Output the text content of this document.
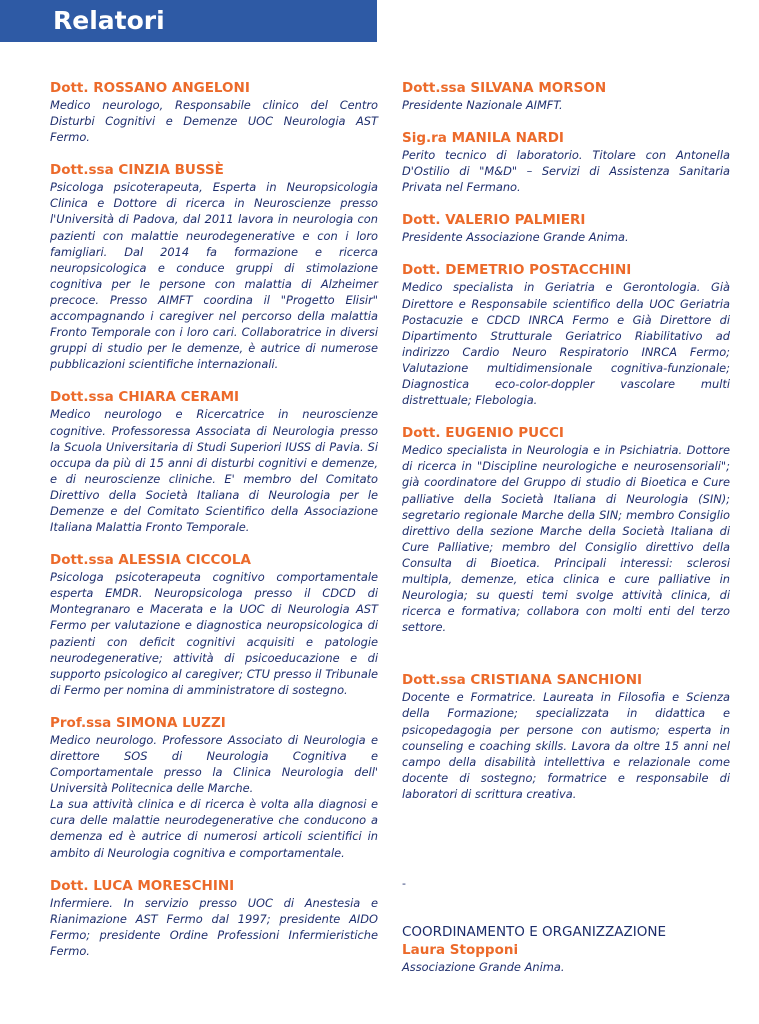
Relatori
Dott. ROSSANO ANGELONI

Medico neurologo, Responsabile clinico del Centro Disturbi Cognitivi e Demenze UOC Neurologia AST Fermo.

Dott.ssa CINZIA BUSSÈ

Psicologa psicoterapeuta, Esperta in Neuropsicologia Clinica e Dottore di ricerca in Neuroscienze presso l'Università di Padova, dal 2011 lavora in neurologia con pazienti con malattie neurodegenerative e con i loro famigliari. Dal 2014 fa formazione e ricerca neuropsicologica e conduce gruppi di stimolazione cognitiva per le persone con malattia di Alzheimer precoce. Presso AIMFT coordina il "Progetto Elisir" accompagnando i caregiver nel percorso della malattia Fronto Temporale con i loro cari. Collaboratrice in diversi gruppi di studio per le demenze, è autrice di numerose pubblicazioni scientifiche internazionali.

Dott.ssa CHIARA CERAMI

Medico neurologo e Ricercatrice in neuroscienze cognitive. Professoressa Associata di Neurologia presso la Scuola Universitaria di Studi Superiori IUSS di Pavia. Si occupa da più di 15 anni di disturbi cognitivi e demenze, e di neuroscienze cliniche. E' membro del Comitato Direttivo della Società Italiana di Neurologia per le Demenze e del Comitato Scientifico della Associazione Italiana Malattia Fronto Temporale.

Dott.ssa ALESSIA CICCOLA

Psicologa psicoterapeuta cognitivo comportamentale esperta EMDR. Neuropsicologa presso il CDCD di Montegranaro e Macerata e la UOC di Neurologia AST Fermo per valutazione e diagnostica neuropsicologica di pazienti con deficit cognitivi acquisiti e patologie neurodegenerative; attività di psicoeducazione e di supporto psicologico al caregiver; CTU presso il Tribunale di Fermo per nomina di amministratore di sostegno.

Prof.ssa SIMONA LUZZI

Medico neurologo. Professore Associato di Neurologia e direttore SOS di Neurologia Cognitiva e Comportamentale presso la Clinica Neurologia dell' Università Politecnica delle Marche.

La sua attività clinica e di ricerca è volta alla diagnosi e cura delle malattie neurodegenerative che conducono a demenza ed è autrice di numerosi articoli scientifici in ambito di Neurologia cognitiva e comportamentale.

Dott. LUCA MORESCHINI

Infermiere. In servizio presso UOC di Anestesia e Rianimazione AST Fermo dal 1997; presidente AIDO Fermo; presidente Ordine Professioni Infermieristiche Fermo.

Dott.ssa SILVANA MORSON

Presidente Nazionale AIMFT.

Sig.ra MANILA NARDI

Perito tecnico di laboratorio. Titolare con Antonella D'Ostilio di "M&D" – Servizi di Assistenza Sanitaria Privata nel Fermano.

Dott. VALERIO PALMIERI

Presidente Associazione Grande Anima.

Dott. DEMETRIO POSTACCHINI

Medico specialista in Geriatria e Gerontologia. Già Direttore e Responsabile scientifico della UOC Geriatria Postacuzie e CDCD INRCA Fermo e Già Direttore di Dipartimento Strutturale Geriatrico Riabilitativo ad indirizzo Cardio Neuro Respiratorio INRCA Fermo; Valutazione multidimensionale cognitiva-funzionale; Diagnostica eco-color-doppler vascolare multi distrettuale; Flebologia.

Dott. EUGENIO PUCCI

Medico specialista in Neurologia e in Psichiatria. Dottore di ricerca in "Discipline neurologiche e neurosensoriali"; già coordinatore del Gruppo di studio di Bioetica e Cure palliative della Società Italiana di Neurologia (SIN); segretario regionale Marche della SIN; membro Consiglio direttivo della sezione Marche della Società Italiana di Cure Palliative; membro del Consiglio direttivo della Consulta di Bioetica. Principali interessi: sclerosi multipla, demenze, etica clinica e cure palliative in Neurologia; su questi temi svolge attività clinica, di ricerca e formativa; collabora con molti enti del terzo settore.

Dott.ssa CRISTIANA SANCHIONI

Docente e Formatrice. Laureata in Filosofia e Scienza della Formazione; specializzata in didattica e psicopedagogia per persone con autismo; esperta in counseling e coaching skills. Lavora da oltre 15 anni nel campo della disabilità intellettiva e relazionale come docente di sostegno; formatrice e responsabile di laboratori di scrittura creativa.

-
COORDINAMENTO E ORGANIZZAZIONE
Laura Stopponi
Associazione Grande Anima.
